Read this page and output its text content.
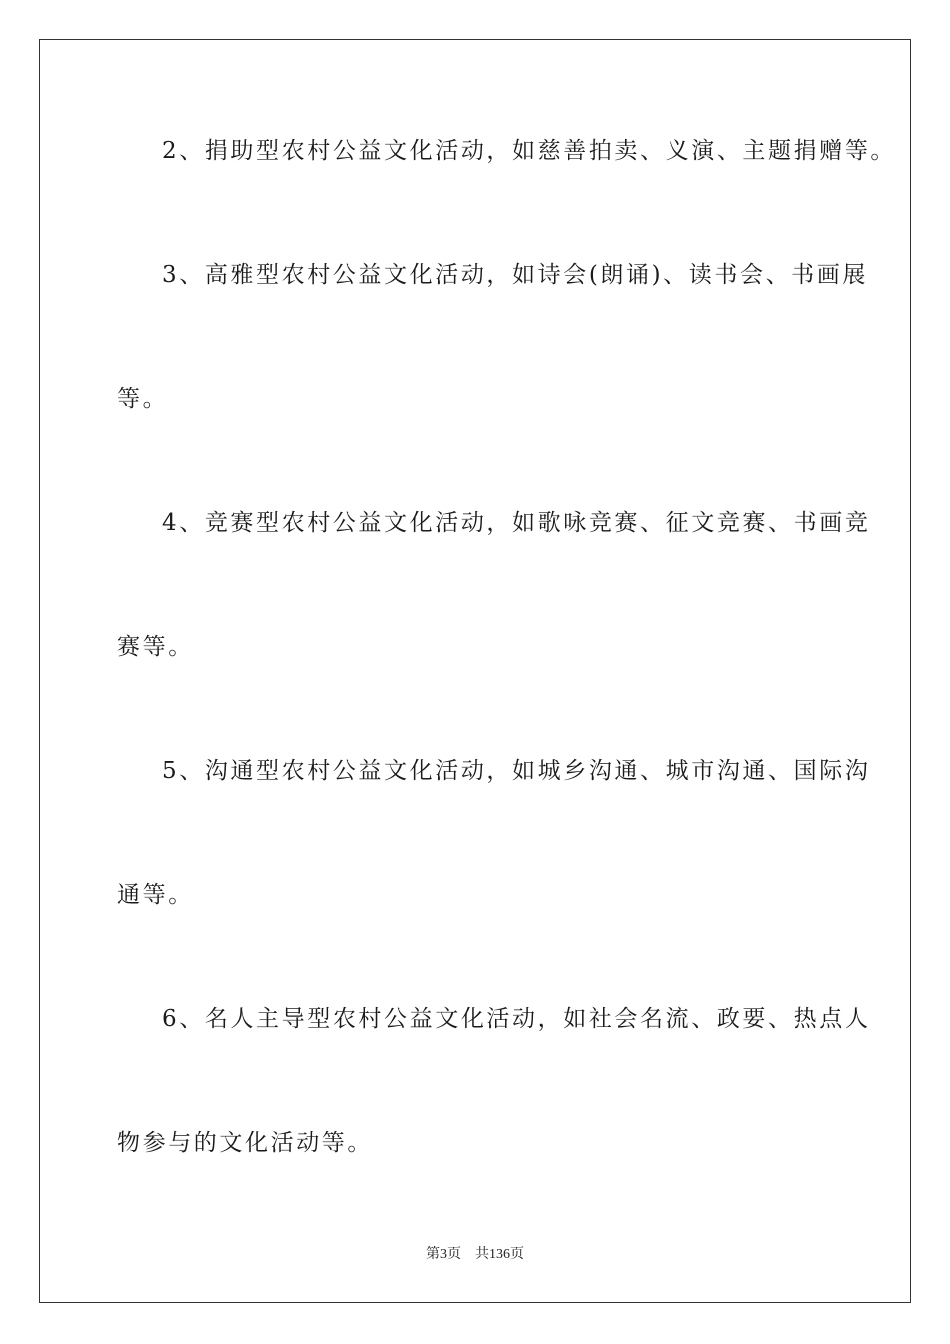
2、捐助型农村公益文化活动，如慈善拍卖、义演、主题捐赠等。
3、高雅型农村公益文化活动，如诗会(朗诵)、读书会、书画展
等。
4、竞赛型农村公益文化活动，如歌咏竞赛、征文竞赛、书画竞
赛等。
5、沟通型农村公益文化活动，如城乡沟通、城市沟通、国际沟
通等。
6、名人主导型农村公益文化活动，如社会名流、政要、热点人
物参与的文化活动等。
第3页 共136页
